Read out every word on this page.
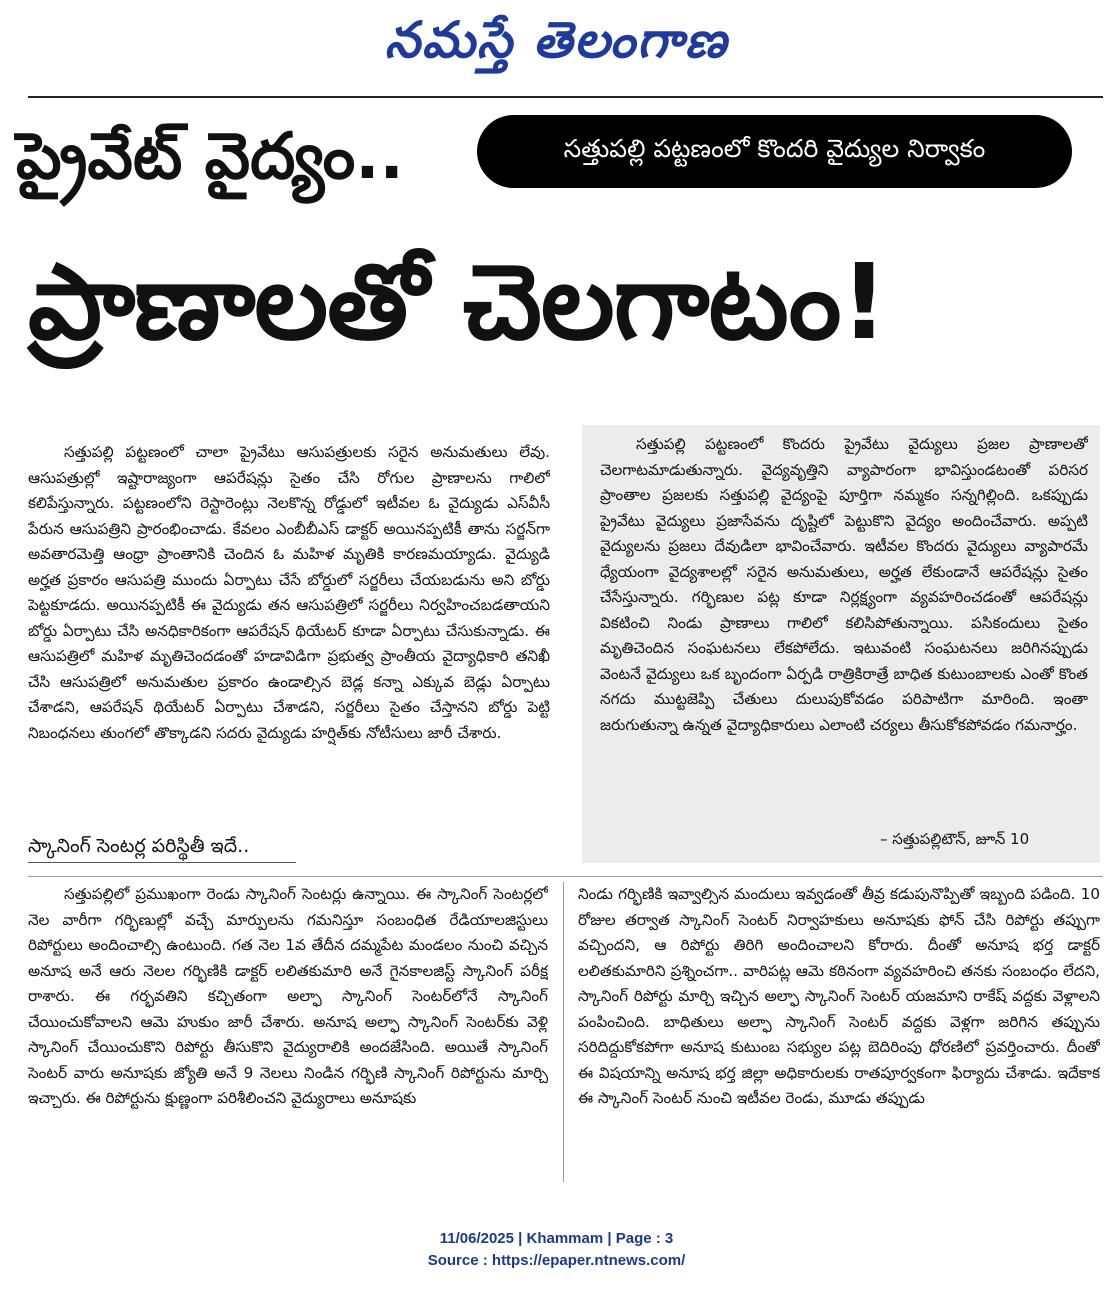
నమస్తే తెలంగాణ
ప్రైవేట్ వైద్యం..	సత్తుపల్లి పట్టణంలో కొందరి వైద్యుల నిర్వాకం
ప్రాణాలతో చెలగాటం!

సత్తుపల్లి పట్టణంలో చాలా ప్రైవేటు ఆసుపత్రులకు సరైన అనుమతులు లేవు. ఆసుపత్రుల్లో ఇష్టారాజ్యంగా ఆపరేషన్లు సైతం చేసి రోగుల ప్రాణాలను గాలిలో కలిపేస్తున్నారు. పట్టణంలోని రెస్టారెంట్లు నెలకొన్న రోడ్డులో ఇటీవల ఓ వైద్యుడు ఎస్‌వీసీ పేరున ఆసుపత్రిని ప్రారంభించాడు. కేవలం ఎంబీబీఎస్ డాక్టర్ అయినప్పటికీ తాను సర్జన్‌గా అవతారమెత్తి ఆంధ్రా ప్రాంతానికి చెందిన ఓ మహిళ మృతికి కారణమయ్యాడు. వైద్యుడి అర్హత ప్రకారం ఆసుపత్రి ముందు ఏర్పాటు చేసే బోర్డులో సర్జరీలు చేయబడును అని బోర్డు పెట్టకూడదు. అయినప్పటికీ ఈ వైద్యుడు తన ఆసుపత్రిలో సర్జరీలు నిర్వహించబడతాయని బోర్డు ఏర్పాటు చేసి అనధికారికంగా ఆపరేషన్ థియేటర్ కూడా ఏర్పాటు చేసుకున్నాడు. ఈ ఆసుపత్రిలో మహిళ మృతిచెందడంతో హడావిడిగా ప్రభుత్వ ప్రాంతీయ వైద్యాధికారి తనిఖీ చేసి ఆసుపత్రిలో అనుమతుల ప్రకారం ఉండాల్సిన బెడ్ల కన్నా ఎక్కువ బెడ్లు ఏర్పాటు చేశాడని, ఆపరేషన్ థియేటర్ ఏర్పాటు చేశాడని, సర్జరీలు సైతం చేస్తానని బోర్డు పెట్టి నిబంధనలు తుంగలో తొక్కాడని సదరు వైద్యుడు హర్షిత్‌కు నోటీసులు జారీ చేశారు.

స్కానింగ్ సెంటర్ల పరిస్థితీ ఇదే..

సత్తుపల్లి పట్టణంలో కొందరు ప్రైవేటు వైద్యులు ప్రజల ప్రాణాలతో చెలగాటమాడుతున్నారు. వైద్యవృత్తిని వ్యాపారంగా భావిస్తుండటంతో పరిసర ప్రాంతాల ప్రజలకు సత్తుపల్లి వైద్యంపై పూర్తిగా నమ్మకం సన్నగిల్లింది. ఒకప్పుడు ప్రైవేటు వైద్యులు ప్రజాసేవను దృష్టిలో పెట్టుకొని వైద్యం అందించేవారు. అప్పటి వైద్యులను ప్రజలు దేవుడిలా భావించేవారు. ఇటీవల కొందరు వైద్యులు వ్యాపారమే ధ్యేయంగా వైద్యశాలల్లో సరైన అనుమతులు, అర్హత లేకుండానే ఆపరేషన్లు సైతం చేసేస్తున్నారు. గర్భిణుల పట్ల కూడా నిర్లక్ష్యంగా వ్యవహరించడంతో ఆపరేషన్లు వికటించి నిండు ప్రాణాలు గాలిలో కలిసిపోతున్నాయి. పసికందులు సైతం మృతిచెందిన సంఘటనలు లేకపోలేదు. ఇటువంటి సంఘటనలు జరిగినప్పుడు వెంటనే వైద్యులు ఒక బృందంగా ఏర్పడి రాత్రికిరాత్రే బాధిత కుటుంబాలకు ఎంతో కొంత నగదు ముట్టజెప్పి చేతులు దులుపుకోవడం పరిపాటిగా మారింది. ఇంతా జరుగుతున్నా ఉన్నత వైద్యాధికారులు ఎలాంటి చర్యలు తీసుకోకపోవడం గమనార్హం.

– సత్తుపల్లిటౌన్, జూన్ 10

సత్తుపల్లిలో ప్రముఖంగా రెండు స్కానింగ్ సెంటర్లు ఉన్నాయి. ఈ స్కానింగ్ సెంటర్లలో నెల వారీగా గర్భిణుల్లో వచ్చే మార్పులను గమనిస్తూ సంబంధిత రేడియాలజిస్టులు రిపోర్టులు అందించాల్సి ఉంటుంది. గత నెల 1వ తేదీన దమ్మపేట మండలం నుంచి వచ్చిన అనూష అనే ఆరు నెలల గర్భిణికి డాక్టర్ లలితకుమారి అనే గైనకాలజిస్ట్ స్కానింగ్ పరీక్ష రాశారు. ఈ గర్భవతిని కచ్చితంగా అల్ఫా స్కానింగ్ సెంటర్‌లోనే స్కానింగ్ చేయించుకోవాలని ఆమె హుకుం జారీ చేశారు. అనూష అల్ఫా స్కానింగ్ సెంటర్‌కు వెళ్లి స్కానింగ్ చేయించుకొని రిపోర్టు తీసుకొని వైద్యురాలికి అందజేసింది. అయితే స్కానింగ్ సెంటర్ వారు అనూషకు జ్యోతి అనే 9 నెలలు నిండిన గర్భిణి స్కానింగ్ రిపోర్టును మార్చి ఇచ్చారు. ఈ రిపోర్టును క్షుణ్ణంగా పరిశీలించని వైద్యురాలు అనూషకు

నిండు గర్భిణికి ఇవ్వాల్సిన మందులు ఇవ్వడంతో తీవ్ర కడుపునొప్పితో ఇబ్బంది పడింది. 10 రోజుల తర్వాత స్కానింగ్ సెంటర్ నిర్వాహకులు అనూషకు ఫోన్ చేసి రిపోర్టు తప్పుగా వచ్చిందని, ఆ రిపోర్టు తిరిగి అందించాలని కోరారు. దీంతో అనూష భర్త డాక్టర్ లలితకుమారిని ప్రశ్నించగా.. వారిపట్ల ఆమె కఠినంగా వ్యవహరించి తనకు సంబంధం లేదని, స్కానింగ్ రిపోర్టు మార్చి ఇచ్చిన అల్ఫా స్కానింగ్ సెంటర్ యజమాని రాకేష్ వద్దకు వెళ్లాలని పంపించింది. బాధితులు అల్ఫా స్కానింగ్ సెంటర్ వద్దకు వెళ్లగా జరిగిన తప్పును సరిదిద్దుకోకపోగా అనూష కుటుంబ సభ్యుల పట్ల బెదిరింపు ధోరణిలో ప్రవర్తించారు. దీంతో ఈ విషయాన్ని అనూష భర్త జిల్లా అధికారులకు రాతపూర్వకంగా ఫిర్యాదు చేశాడు. ఇదేకాక ఈ స్కానింగ్ సెంటర్ నుంచి ఇటీవల రెండు, మూడు తప్పుడు

11/06/2025 | Khammam | Page : 3
Source : https://epaper.ntnews.com/
